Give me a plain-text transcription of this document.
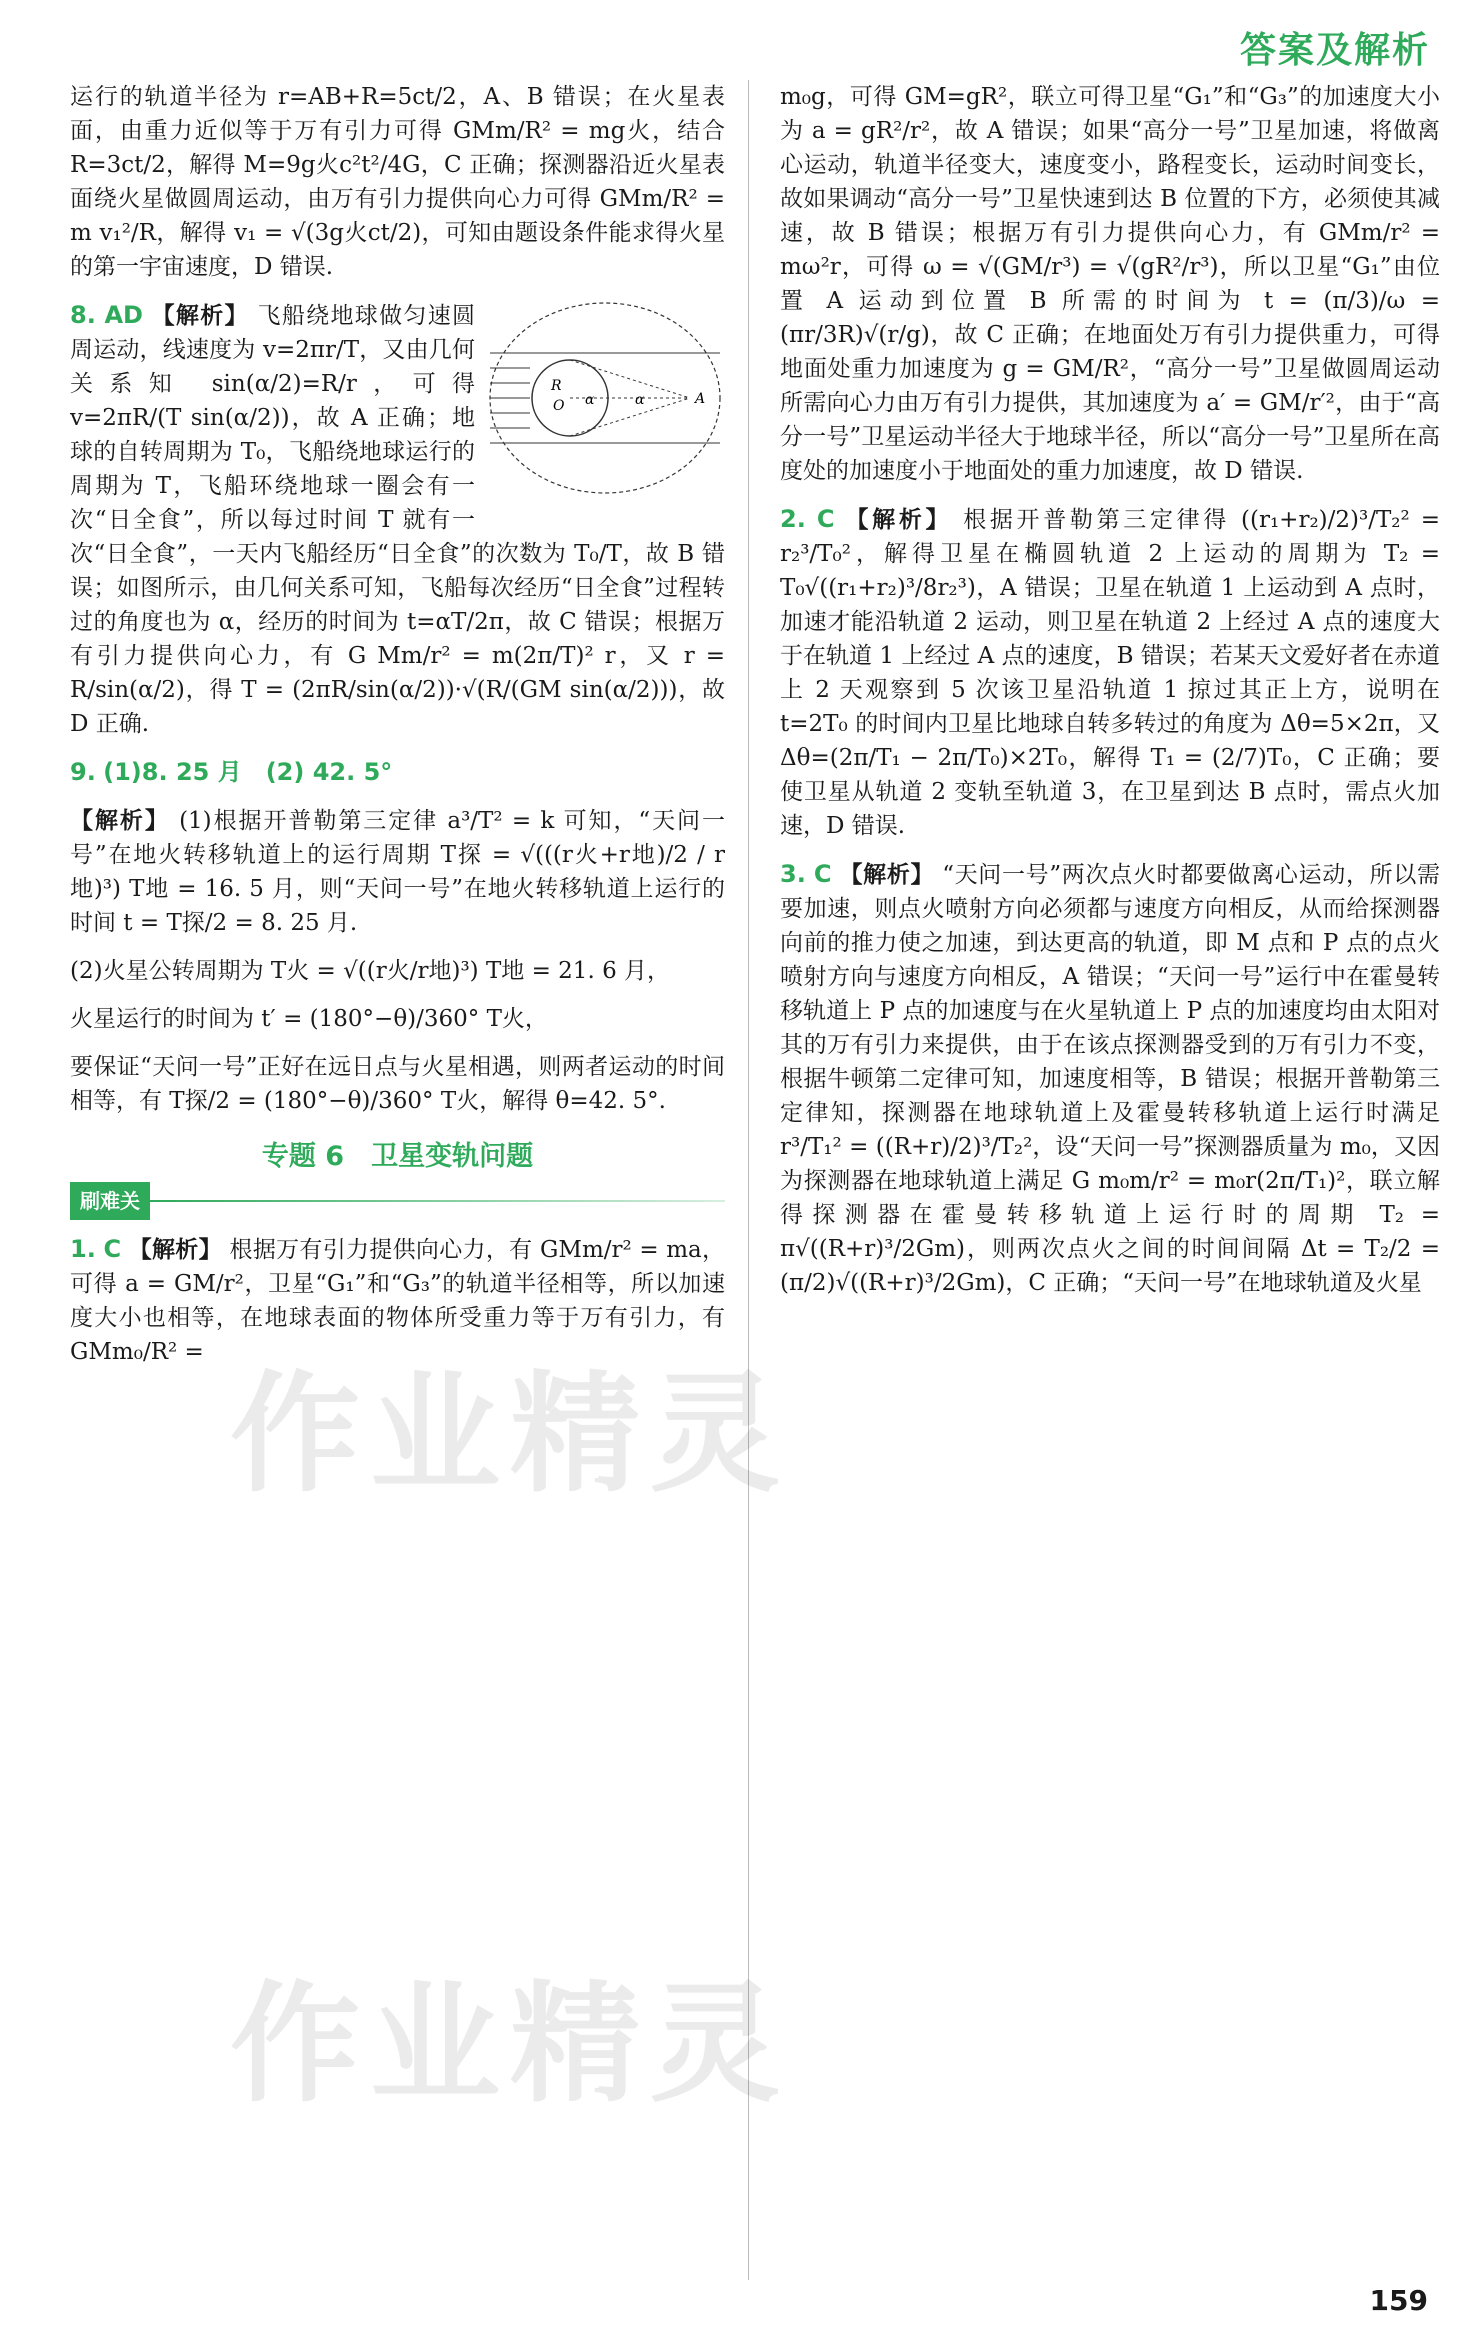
答案及解析

运行的轨道半径为 r=AB+R=5ct/2，A、B 错误；在火星表面，由重力近似等于万有引力可得 GMm/R² = mg火，结合 R=3ct/2，解得 M=9g火c²t²/4G，C 正确；探测器沿近火星表面绕火星做圆周运动，由万有引力提供向心力可得 GMm/R² = m v₁²/R，解得 v₁ = √(3g火ct/2)，可知由题设条件能求得火星的第一宇宙速度，D 错误.

R
O α	α	A

8. AD 【解析】 飞船绕地球做匀速圆周运动，线速度为 v=2πr/T，又由几何关系知 sin(α/2)=R/r，可得 v=2πR/(T sin(α/2))，故 A 正确；地球的自转周期为 T₀，飞船绕地球运行的周期为 T，飞船环绕地球一圈会有一次“日全食”，所以每过时间 T 就有一次“日全食”，一天内飞船经历“日全食”的次数为 T₀/T，故 B 错误；如图所示，由几何关系可知，飞船每次经历“日全食”过程转过的角度也为 α，经历的时间为 t=αT/2π，故 C 错误；根据万有引力提供向心力，有 G Mm/r² = m(2π/T)² r，又 r = R/sin(α/2)，得 T = (2πR/sin(α/2))·√(R/(GM sin(α/2)))，故 D 正确.

9. (1)8. 25 月　(2) 42. 5°

【解析】 (1)根据开普勒第三定律 a³/T² = k 可知，“天问一号”在地火转移轨道上的运行周期 T探 = √(((r火+r地)/2 / r地)³) T地 = 16. 5 月，则“天问一号”在地火转移轨道上运行的时间 t = T探/2 = 8. 25 月.

(2)火星公转周期为 T火 = √((r火/r地)³) T地 = 21. 6 月，

火星运行的时间为 t′ = (180°−θ)/360° T火，

要保证“天问一号”正好在远日点与火星相遇，则两者运动的时间相等，有 T探/2 = (180°−θ)/360° T火，解得 θ=42. 5°.

专题 6　卫星变轨问题
刷难关

1. C 【解析】 根据万有引力提供向心力，有 GMm/r² = ma，可得 a = GM/r²，卫星“G₁”和“G₃”的轨道半径相等，所以加速度大小也相等，在地球表面的物体所受重力等于万有引力，有 GMm₀/R² =

m₀g，可得 GM=gR²，联立可得卫星“G₁”和“G₃”的加速度大小为 a = gR²/r²，故 A 错误；如果“高分一号”卫星加速，将做离心运动，轨道半径变大，速度变小，路程变长，运动时间变长，故如果调动“高分一号”卫星快速到达 B 位置的下方，必须使其减速，故 B 错误；根据万有引力提供向心力，有 GMm/r² = mω²r，可得 ω = √(GM/r³) = √(gR²/r³)，所以卫星“G₁”由位置 A 运动到位置 B 所需的时间为 t = (π/3)/ω = (πr/3R)√(r/g)，故 C 正确；在地面处万有引力提供重力，可得地面处重力加速度为 g = GM/R²，“高分一号”卫星做圆周运动所需向心力由万有引力提供，其加速度为 a′ = GM/r′²，由于“高分一号”卫星运动半径大于地球半径，所以“高分一号”卫星所在高度处的加速度小于地面处的重力加速度，故 D 错误.

2. C 【解析】 根据开普勒第三定律得 ((r₁+r₂)/2)³/T₂² = r₂³/T₀²，解得卫星在椭圆轨道 2 上运动的周期为 T₂ = T₀√((r₁+r₂)³/8r₂³)，A 错误；卫星在轨道 1 上运动到 A 点时，加速才能沿轨道 2 运动，则卫星在轨道 2 上经过 A 点的速度大于在轨道 1 上经过 A 点的速度，B 错误；若某天文爱好者在赤道上 2 天观察到 5 次该卫星沿轨道 1 掠过其正上方，说明在 t=2T₀ 的时间内卫星比地球自转多转过的角度为 Δθ=5×2π，又 Δθ=(2π/T₁ − 2π/T₀)×2T₀，解得 T₁ = (2/7)T₀，C 正确；要使卫星从轨道 2 变轨至轨道 3，在卫星到达 B 点时，需点火加速，D 错误.

3. C 【解析】 “天问一号”两次点火时都要做离心运动，所以需要加速，则点火喷射方向必须都与速度方向相反，从而给探测器向前的推力使之加速，到达更高的轨道，即 M 点和 P 点的点火喷射方向与速度方向相反，A 错误；“天问一号”运行中在霍曼转移轨道上 P 点的加速度与在火星轨道上 P 点的加速度均由太阳对其的万有引力来提供，由于在该点探测器受到的万有引力不变，根据牛顿第二定律可知，加速度相等，B 错误；根据开普勒第三定律知，探测器在地球轨道上及霍曼转移轨道上运行时满足 r³/T₁² = ((R+r)/2)³/T₂²，设“天问一号”探测器质量为 m₀，又因为探测器在地球轨道上满足 G m₀m/r² = m₀r(2π/T₁)²，联立解得探测器在霍曼转移轨道上运行时的周期 T₂ = π√((R+r)³/2Gm)，则两次点火之间的时间间隔 Δt = T₂/2 = (π/2)√((R+r)³/2Gm)，C 正确；“天问一号”在地球轨道及火星

作业精灵
作业精灵
159
